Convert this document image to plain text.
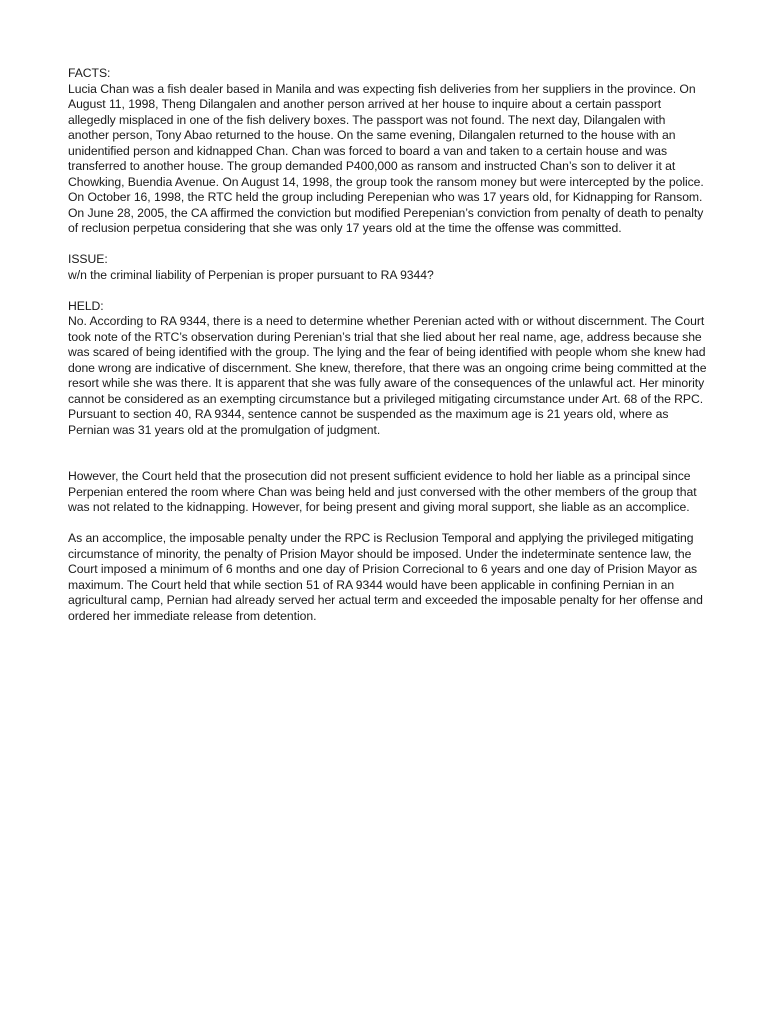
FACTS:

Lucia Chan was a fish dealer based in Manila and was expecting fish deliveries from her suppliers in the province. On August 11, 1998, Theng Dilangalen and another person arrived at her house to inquire about a certain passport allegedly misplaced in one of the fish delivery boxes. The passport was not found. The next day, Dilangalen with another person, Tony Abao returned to the house. On the same evening, Dilangalen returned to the house with an unidentified person and kidnapped Chan. Chan was forced to board a van and taken to a certain house and was transferred to another house. The group demanded P400,000 as ransom and instructed Chan’s son to deliver it at Chowking, Buendia Avenue. On August 14, 1998, the group took the ransom money but were intercepted by the police. On October 16, 1998, the RTC held the group including Perepenian who was 17 years old, for Kidnapping for Ransom. On June 28, 2005, the CA affirmed the conviction but modified Perepenian’s conviction from penalty of death to penalty of reclusion perpetua considering that she was only 17 years old at the time the offense was committed.

ISSUE:

w/n the criminal liability of Perpenian is proper pursuant to RA 9344?

HELD:

No. According to RA 9344, there is a need to determine whether Perenian acted with or without discernment. The Court took note of the RTC’s observation during Perenian’s trial that she lied about her real name, age, address because she was scared of being identified with the group. The lying and the fear of being identified with people whom she knew had done wrong are indicative of discernment. She knew, therefore, that there was an ongoing crime being committed at the resort while she was there. It is apparent that she was fully aware of the consequences of the unlawful act. Her minority cannot be considered as an exempting circumstance but a privileged mitigating circumstance under Art. 68 of the RPC. Pursuant to section 40, RA 9344, sentence cannot be suspended as the maximum age is 21 years old, where as Pernian was 31 years old at the promulgation of judgment.

However, the Court held that the prosecution did not present sufficient evidence to hold her liable as a principal since Perpenian entered the room where Chan was being held and just conversed with the other members of the group that was not related to the kidnapping. However, for being present and giving moral support, she liable as an accomplice.

As an accomplice, the imposable penalty under the RPC is Reclusion Temporal and applying the privileged mitigating circumstance of minority, the penalty of Prision Mayor should be imposed. Under the indeterminate sentence law, the Court imposed a minimum of 6 months and one day of Prision Correcional to 6 years and one day of Prision Mayor as maximum. The Court held that while section 51 of RA 9344 would have been applicable in confining Pernian in an agricultural camp, Pernian had already served her actual term and exceeded the imposable penalty for her offense and ordered her immediate release from detention.
